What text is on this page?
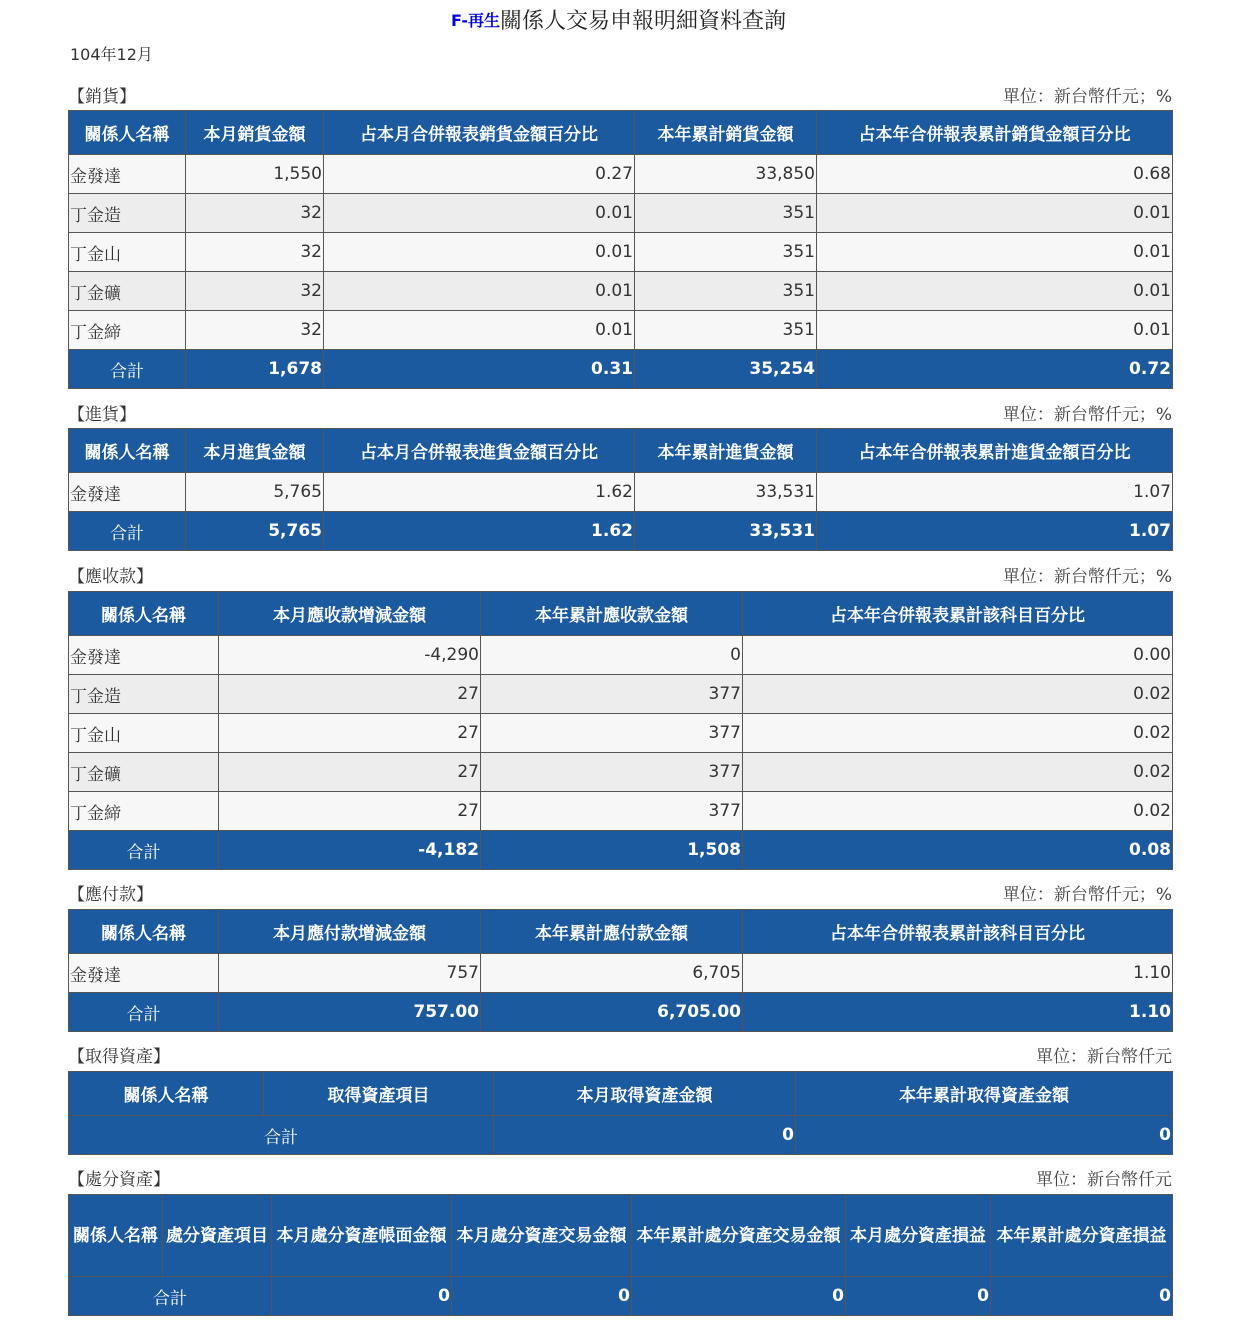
F-再生關係人交易申報明細資料查詢
104年12月
【銷貨】	單位：新台幣仟元；%
關係人名稱	本月銷貨金額	占本月合併報表銷貨金額百分比	本年累計銷貨金額	占本年合併報表累計銷貨金額百分比
金發達	1,550	0.27	33,850	0.68
丁金造	32	0.01	351	0.01
丁金山	32	0.01	351	0.01
丁金礦	32	0.01	351	0.01
丁金締	32	0.01	351	0.01
合計	1,678	0.31	35,254	0.72
【進貨】	單位：新台幣仟元；%
關係人名稱	本月進貨金額	占本月合併報表進貨金額百分比	本年累計進貨金額	占本年合併報表累計進貨金額百分比
金發達	5,765	1.62	33,531	1.07
合計	5,765	1.62	33,531	1.07
【應收款】	單位：新台幣仟元；%
關係人名稱	本月應收款增減金額	本年累計應收款金額	占本年合併報表累計該科目百分比
金發達	-4,290	0	0.00
丁金造	27	377	0.02
丁金山	27	377	0.02
丁金礦	27	377	0.02
丁金締	27	377	0.02
合計	-4,182	1,508	0.08
【應付款】	單位：新台幣仟元；%
關係人名稱	本月應付款增減金額	本年累計應付款金額	占本年合併報表累計該科目百分比
金發達	757	6,705	1.10
合計	757.00	6,705.00	1.10
【取得資產】	單位：新台幣仟元
關係人名稱	取得資產項目	本月取得資產金額	本年累計取得資產金額
合計		0	0
【處分資產】	單位：新台幣仟元
關係人名稱	處分資產項目	本月處分資產帳面金額	本月處分資產交易金額	本年累計處分資產交易金額	本月處分資產損益	本年累計處分資產損益
合計		0	0	0	0	0
